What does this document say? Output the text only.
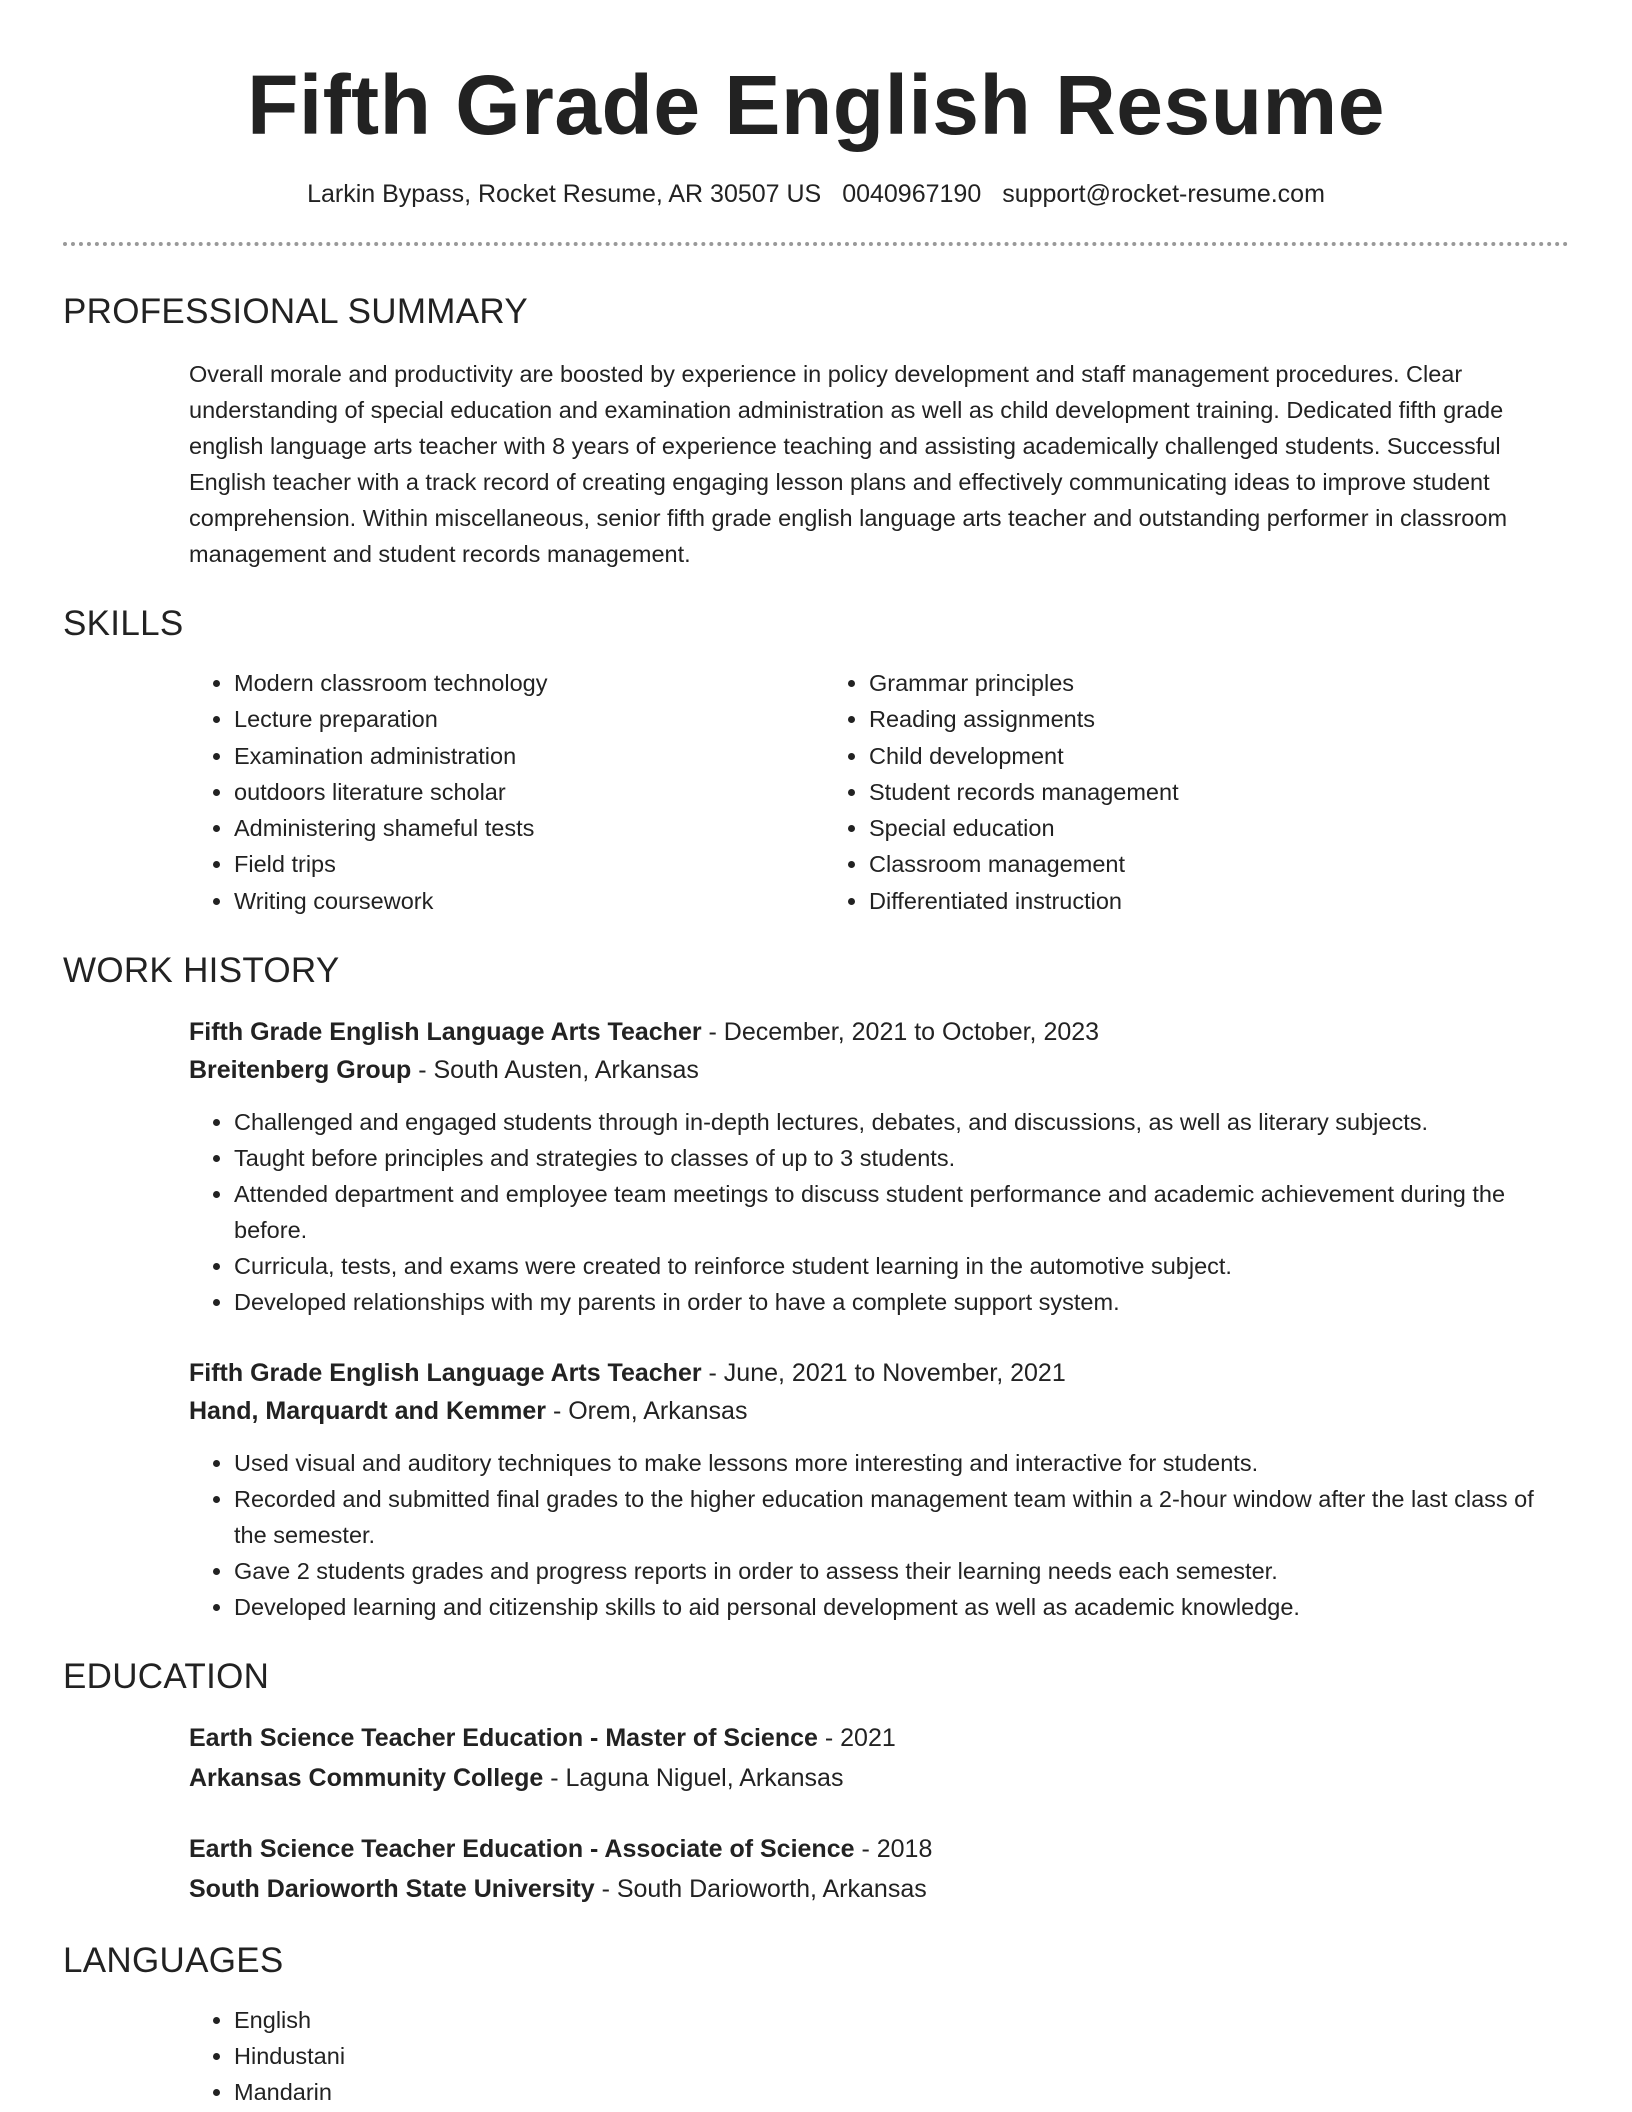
Fifth Grade English Resume
Larkin Bypass, Rocket Resume, AR 30507 US 0040967190 support@rocket-resume.com
PROFESSIONAL SUMMARY

Overall morale and productivity are boosted by experience in policy development and staff management procedures. Clear understanding of special education and examination administration as well as child development training. Dedicated fifth grade english language arts teacher with 8 years of experience teaching and assisting academically challenged students. Successful English teacher with a track record of creating engaging lesson plans and effectively communicating ideas to improve student comprehension. Within miscellaneous, senior fifth grade english language arts teacher and outstanding performer in classroom management and student records management.

SKILLS
• Modern classroom technology
• Lecture preparation
• Examination administration
• outdoors literature scholar
• Administering shameful tests
• Field trips
• Writing coursework
• Grammar principles
• Reading assignments
• Child development
• Student records management
• Special education
• Classroom management
• Differentiated instruction
WORK HISTORY
Fifth Grade English Language Arts Teacher - December, 2021 to October, 2023
Breitenberg Group - South Austen, Arkansas
• Challenged and engaged students through in-depth lectures, debates, and discussions, as well as literary subjects.
• Taught before principles and strategies to classes of up to 3 students.
• Attended department and employee team meetings to discuss student performance and academic achievement during the before.
• Curricula, tests, and exams were created to reinforce student learning in the automotive subject.
• Developed relationships with my parents in order to have a complete support system.
Fifth Grade English Language Arts Teacher - June, 2021 to November, 2021
Hand, Marquardt and Kemmer - Orem, Arkansas
• Used visual and auditory techniques to make lessons more interesting and interactive for students.
• Recorded and submitted final grades to the higher education management team within a 2-hour window after the last class of the semester.
• Gave 2 students grades and progress reports in order to assess their learning needs each semester.
• Developed learning and citizenship skills to aid personal development as well as academic knowledge.
EDUCATION
Earth Science Teacher Education - Master of Science - 2021
Arkansas Community College - Laguna Niguel, Arkansas
Earth Science Teacher Education - Associate of Science - 2018
South Darioworth State University - South Darioworth, Arkansas
LANGUAGES
• English
• Hindustani
• Mandarin
